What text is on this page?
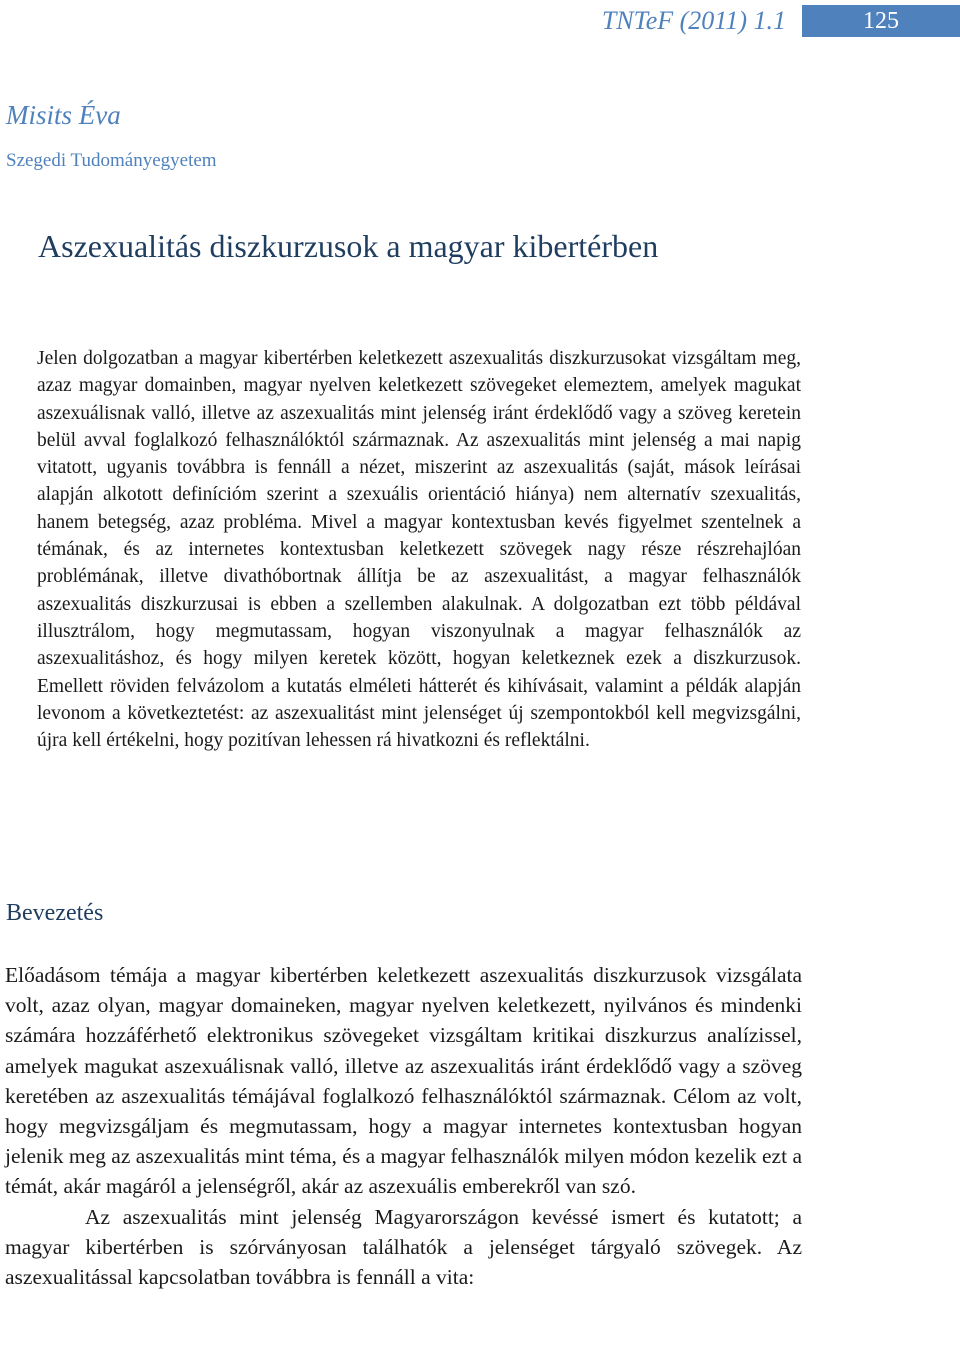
TNTeF (2011) 1.1	125
Misits Éva
Szegedi Tudományegyetem
Aszexualitás diszkurzusok a magyar kibertérben

Jelen dolgozatban a magyar kibertérben keletkezett aszexualitás diszkurzusokat vizsgáltam meg, azaz magyar domainben, magyar nyelven keletkezett szövegeket elemeztem, amelyek magukat aszexuálisnak valló, illetve az aszexualitás mint jelenség iránt érdeklődő vagy a szöveg keretein belül avval foglalkozó felhasználóktól származnak. Az aszexualitás mint jelenség a mai napig vitatott, ugyanis továbbra is fennáll a nézet, miszerint az aszexualitás (saját, mások leírásai alapján alkotott definícióm szerint a szexuális orientáció hiánya) nem alternatív szexualitás, hanem betegség, azaz probléma. Mivel a magyar kontextusban kevés figyelmet szentelnek a témának, és az internetes kontextusban keletkezett szövegek nagy része részrehajlóan problémának, illetve divathóbortnak állítja be az aszexualitást, a magyar felhasználók aszexualitás diszkurzusai is ebben a szellemben alakulnak. A dolgozatban ezt több példával illusztrálom, hogy megmutassam, hogyan viszonyulnak a magyar felhasználók az aszexualitáshoz, és hogy milyen keretek között, hogyan keletkeznek ezek a diszkurzusok. Emellett röviden felvázolom a kutatás elméleti hátterét és kihívásait, valamint a példák alapján levonom a következtetést: az aszexualitást mint jelenséget új szempontokból kell megvizsgálni, újra kell értékelni, hogy pozitívan lehessen rá hivatkozni és reflektálni.

Bevezetés

Előadásom témája a magyar kibertérben keletkezett aszexualitás diszkurzusok vizsgálata volt, azaz olyan, magyar domaineken, magyar nyelven keletkezett, nyilvános és mindenki számára hozzáférhető elektronikus szövegeket vizsgáltam kritikai diszkurzus analízissel, amelyek magukat aszexuálisnak valló, illetve az aszexualitás iránt érdeklődő vagy a szöveg keretében az aszexualitás témájával foglalkozó felhasználóktól származnak. Célom az volt, hogy megvizsgáljam és megmutassam, hogy a magyar internetes kontextusban hogyan jelenik meg az aszexualitás mint téma, és a magyar felhasználók milyen módon kezelik ezt a témát, akár magáról a jelenségről, akár az aszexuális emberekről van szó.

Az aszexualitás mint jelenség Magyarországon kevéssé ismert és kutatott; a magyar kibertérben is szórványosan találhatók a jelenséget tárgyaló szövegek. Az aszexualitással kapcsolatban továbbra is fennáll a vita:
